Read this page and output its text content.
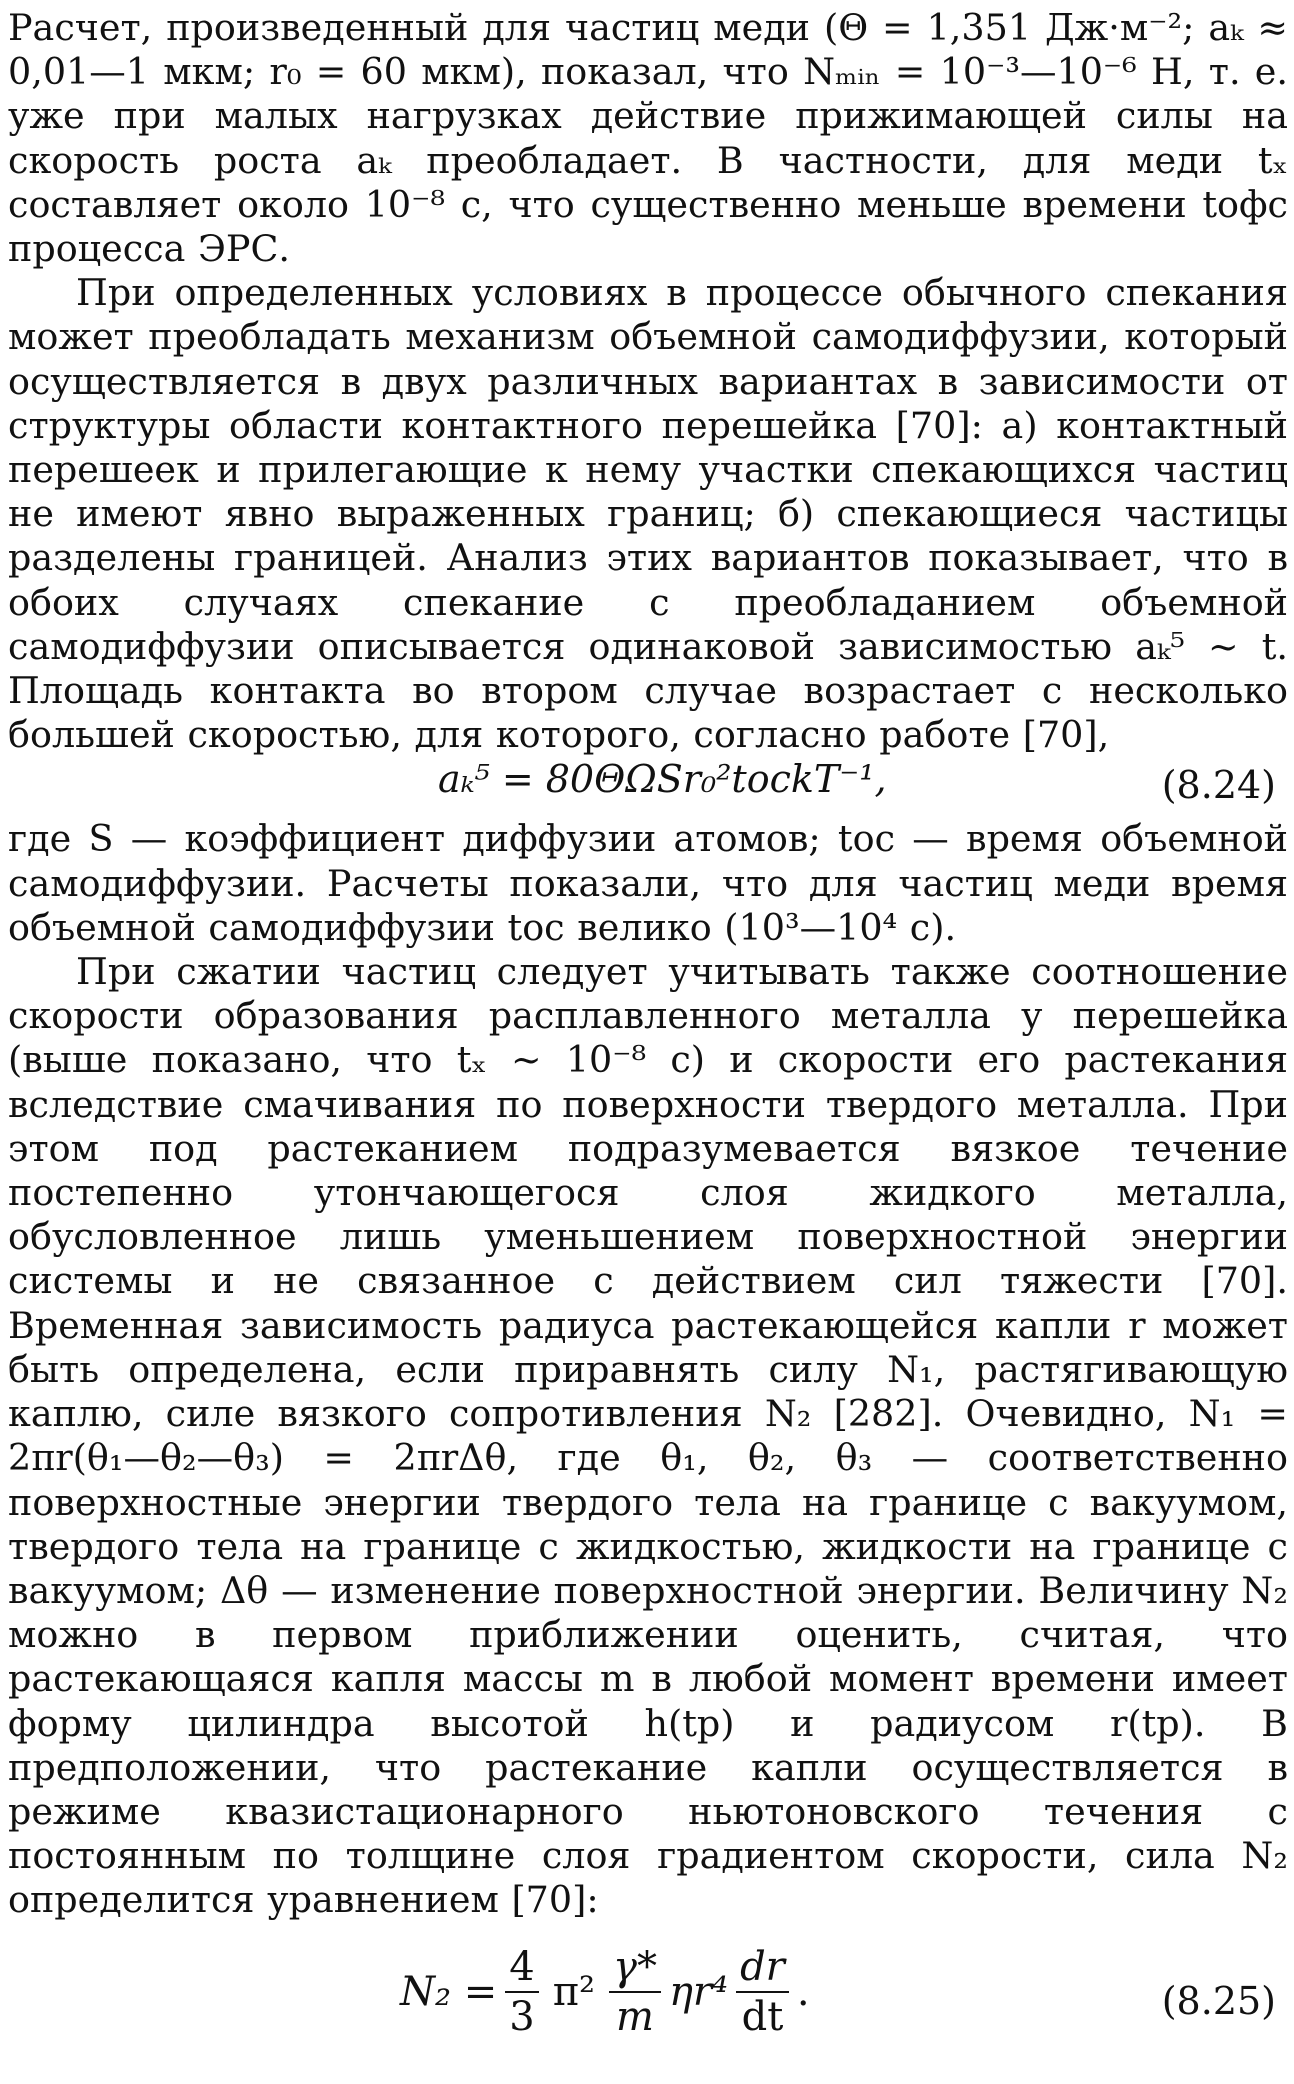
Расчет, произведенный для частиц меди (Θ = 1,351 Дж·м⁻²; aₖ ≈ 0,01—1 мкм; r₀ = 60 мкм), показал, что Nₘᵢₙ = 10⁻³—10⁻⁶ Н, т. е. уже при малых нагрузках действие прижимающей силы на скорость роста aₖ преобладает. В частности, для меди tₓ составляет около 10⁻⁸ с, что существенно меньше времени tофс процесса ЭРС.

При определенных условиях в процессе обычного спекания может преобладать механизм объемной самодиффузии, который осуществляется в двух различных вариантах в зависимости от структуры области контактного перешейка [70]: а) контактный перешеек и прилегающие к нему участки спекающихся частиц не имеют явно выраженных границ; б) спекающиеся частицы разделены границей. Анализ этих вариантов показывает, что в обоих случаях спекание с преобладанием объемной самодиффузии описывается одинаковой зависимостью aₖ⁵ ~ t. Площадь контакта во втором случае возрастает с несколько большей скоростью, для которого, согласно работе [70],

aₖ⁵ = 80ΘΩSr₀²tосkT⁻¹,	(8.24)

где S — коэффициент диффузии атомов; tос — время объемной самодиффузии. Расчеты показали, что для частиц меди время объемной самодиффузии tос велико (10³—10⁴ с).

При сжатии частиц следует учитывать также соотношение скорости образования расплавленного металла у перешейка (выше показано, что tₓ ~ 10⁻⁸ с) и скорости его растекания вследствие смачивания по поверхности твердого металла. При этом под растеканием подразумевается вязкое течение постепенно утончающегося слоя жидкого металла, обусловленное лишь уменьшением поверхностной энергии системы и не связанное с действием сил тяжести [70]. Временная зависимость радиуса растекающейся капли r может быть определена, если приравнять силу N₁, растягивающую каплю, силе вязкого сопротивления N₂ [282]. Очевидно, N₁ = 2πr(θ₁—θ₂—θ₃) = 2πrΔθ, где θ₁, θ₂, θ₃ — соответственно поверхностные энергии твердого тела на границе с вакуумом, твердого тела на границе с жидкостью, жидкости на границе с вакуумом; Δθ — изменение поверхностной энергии. Величину N₂ можно в первом приближении оценить, считая, что растекающаяся капля массы m в любой момент времени имеет форму цилиндра высотой h(tр) и радиусом r(tр). В предположении, что растекание капли осуществляется в режиме квазистационарного ньютоновского течения с постоянным по толщине слоя градиентом скорости, сила N₂ определится уравнением [70]:

$N_2 = \frac{4}{3} \pi^2 \frac{\gamma*}{m} \eta r^4 \frac{dr}{dt}$ .	(8.25)
